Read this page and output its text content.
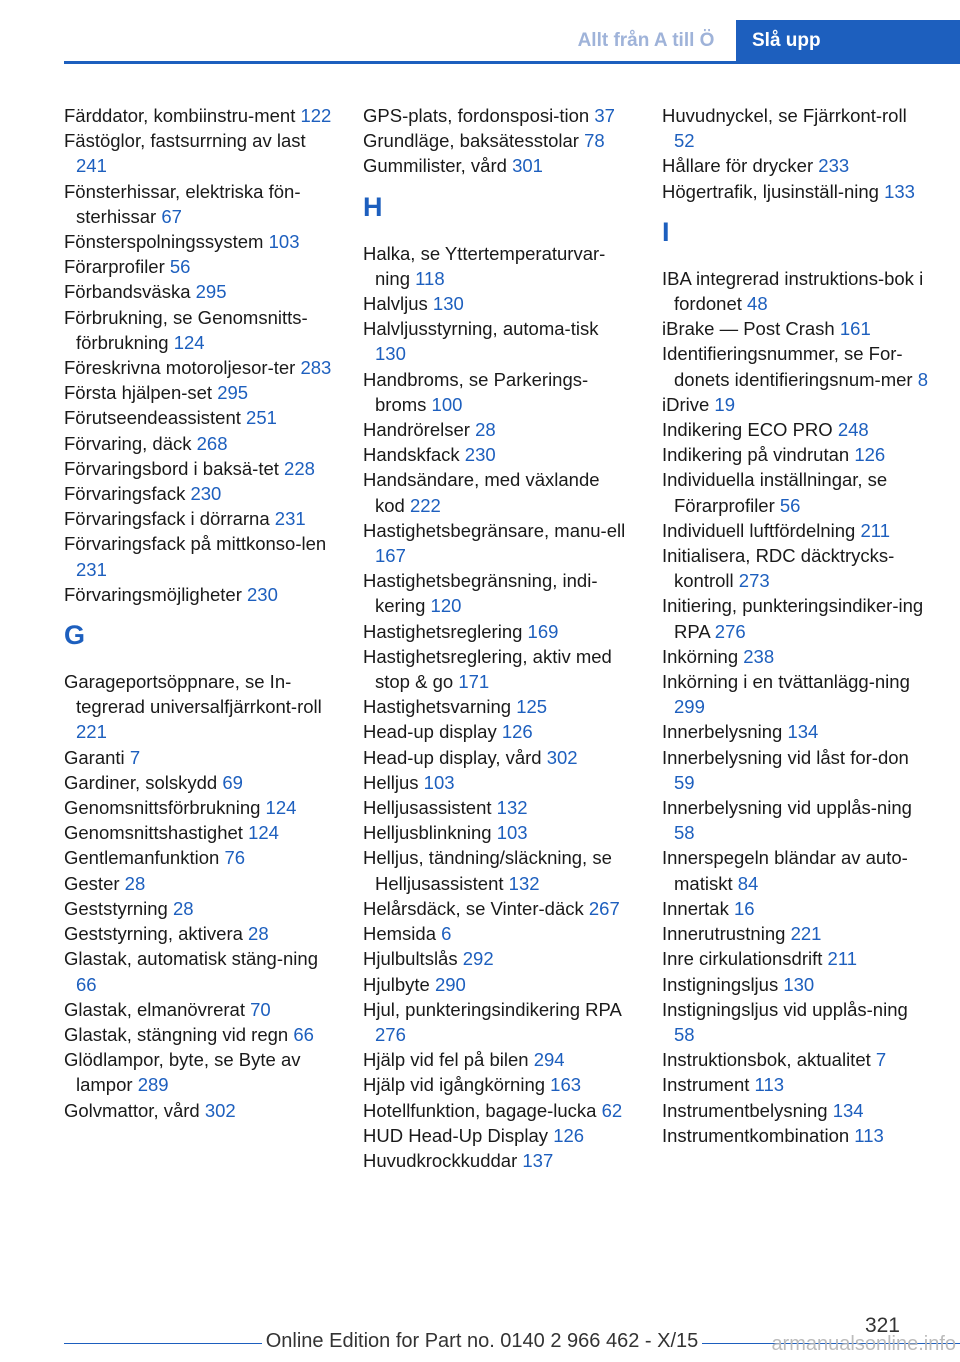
Allt från A till Ö	Slå upp
Färddator, kombiinstru-ment 122
Fästöglor, fastsurrning av last 241
Fönsterhissar, elektriska fön-sterhissar 67
Fönsterspolningssystem 103
Förarprofiler 56
Förbandsväska 295
Förbrukning, se Genomsnitts-förbrukning 124
Föreskrivna motoroljesor-ter 283
Första hjälpen-set 295
Förutseendeassistent 251
Förvaring, däck 268
Förvaringsbord i baksä-tet 228
Förvaringsfack 230
Förvaringsfack i dörrarna 231
Förvaringsfack på mittkonso-len 231
Förvaringsmöjligheter 230
G
Garageportsöppnare, se In-tegrerad universalfjärrkont-roll 221
Garanti 7
Gardiner, solskydd 69
Genomsnittsförbrukning 124
Genomsnittshastighet 124
Gentlemanfunktion 76
Gester 28
Geststyrning 28
Geststyrning, aktivera 28
Glastak, automatisk stäng-ning 66
Glastak, elmanövrerat 70
Glastak, stängning vid regn 66
Glödlampor, byte, se Byte av lampor 289
Golvmattor, vård 302
GPS-plats, fordonsposi-tion 37
Grundläge, baksätesstolar 78
Gummilister, vård 301
H
Halka, se Yttertemperaturvar-ning 118
Halvljus 130
Halvljusstyrning, automa-tisk 130
Handbroms, se Parkerings-broms 100
Handrörelser 28
Handskfack 230
Handsändare, med växlande kod 222
Hastighetsbegränsare, manu-ell 167
Hastighetsbegränsning, indi-kering 120
Hastighetsreglering 169
Hastighetsreglering, aktiv med stop & go 171
Hastighetsvarning 125
Head-up display 126
Head-up display, vård 302
Helljus 103
Helljusassistent 132
Helljusblinkning 103
Helljus, tändning/släckning, se Helljusassistent 132
Helårsdäck, se Vinter-däck 267
Hemsida 6
Hjulbultslås 292
Hjulbyte 290
Hjul, punkteringsindikering RPA 276
Hjälp vid fel på bilen 294
Hjälp vid igångkörning 163
Hotellfunktion, bagage-lucka 62
HUD Head-Up Display 126
Huvudkrockkuddar 137
Huvudnyckel, se Fjärrkont-roll 52
Hållare för drycker 233
Högertrafik, ljusinställ-ning 133
I
IBA integrerad instruktions-bok i fordonet 48
iBrake — Post Crash 161
Identifieringsnummer, se For-donets identifieringsnum-mer 8
iDrive 19
Indikering ECO PRO 248
Indikering på vindrutan 126
Individuella inställningar, se Förarprofiler 56
Individuell luftfördelning 211
Initialisera, RDC däcktrycks-kontroll 273
Initiering, punkteringsindiker-ing RPA 276
Inkörning 238
Inkörning i en tvättanlägg-ning 299
Innerbelysning 134
Innerbelysning vid låst for-don 59
Innerbelysning vid upplås-ning 58
Innerspegeln bländar av auto-matiskt 84
Innertak 16
Innerutrustning 221
Inre cirkulationsdrift 211
Instigningsljus 130
Instigningsljus vid upplås-ning 58
Instruktionsbok, aktualitet 7
Instrument 113
Instrumentbelysning 134
Instrumentkombination 113
321
Online Edition for Part no. 0140 2 966 462 - X/15	armanualsonline.info
